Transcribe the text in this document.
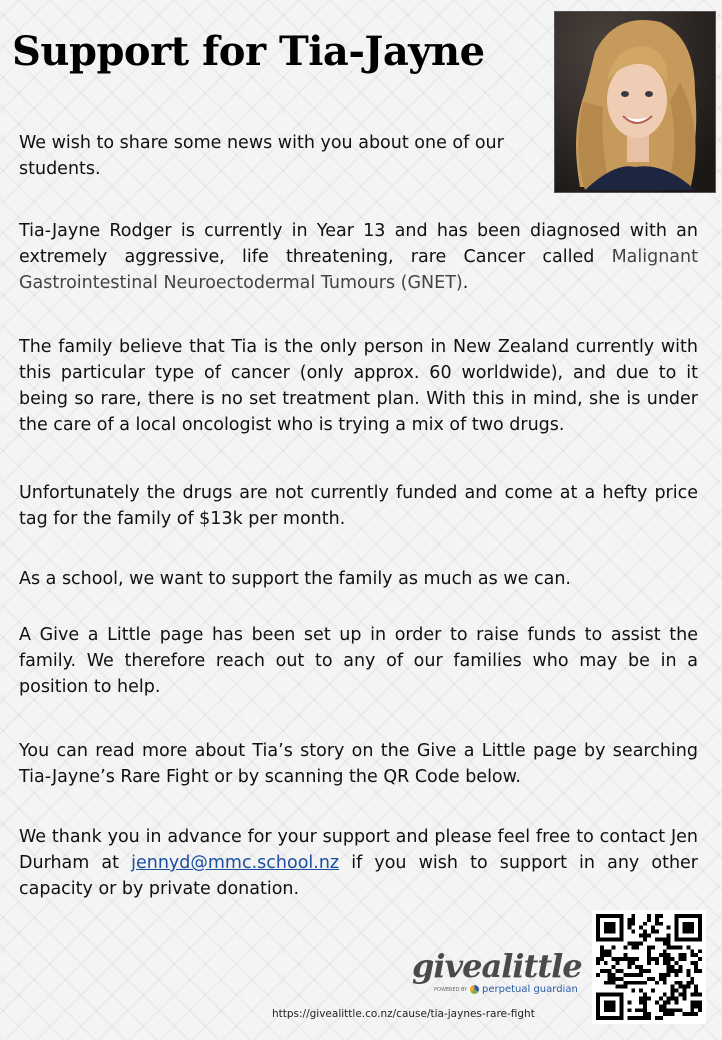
Support for Tia-Jayne

We wish to share some news with you about one of our students.

Tia-Jayne Rodger is currently in Year 13 and has been diagnosed with an extremely aggressive, life threatening, rare Cancer called Malignant Gastrointestinal Neuroectodermal Tumours (GNET).

The family believe that Tia is the only person in New Zealand currently with this particular type of cancer (only approx. 60 worldwide), and due to it being so rare, there is no set treatment plan. With this in mind, she is under the care of a local oncologist who is trying a mix of two drugs.

Unfortunately the drugs are not currently funded and come at a hefty price tag for the family of $13k per month.

As a school, we want to support the family as much as we can.

A Give a Little page has been set up in order to raise funds to assist the family. We therefore reach out to any of our families who may be in a position to help.

You can read more about Tia’s story on the Give a Little page by searching Tia-Jayne’s Rare Fight or by scanning the QR Code below.

We thank you in advance for your support and please feel free to contact Jen Durham at jennyd@mmc.school.nz if you wish to support in any other capacity or by private donation.

givealittle
POWERED BY perpetual guardian
https://givealittle.co.nz/cause/tia-jaynes-rare-fight
